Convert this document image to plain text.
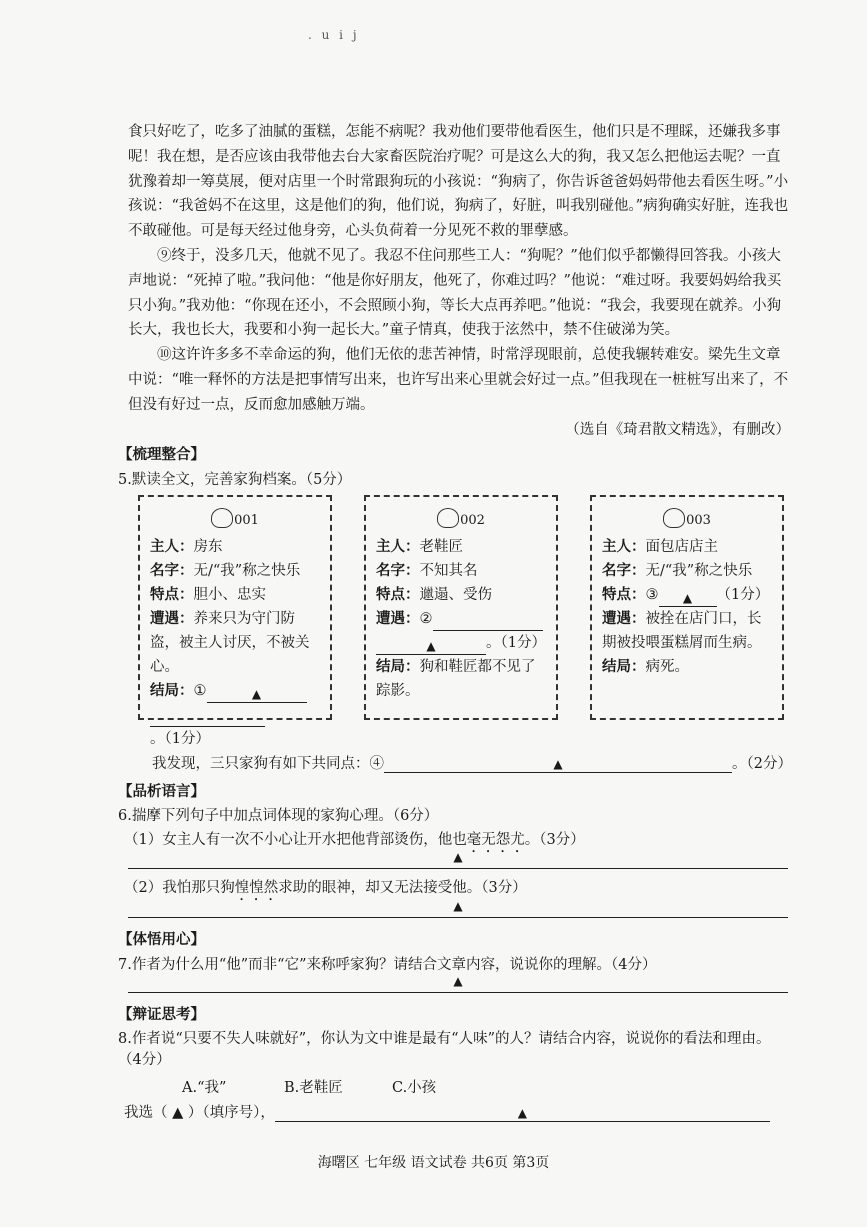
. u i j

食只好吃了，吃多了油腻的蛋糕，怎能不病呢？我劝他们要带他看医生，他们只是不理睬，还嫌我多事呢！我在想，是否应该由我带他去台大家畜医院治疗呢？可是这么大的狗，我又怎么把他运去呢？一直犹豫着却一筹莫展，便对店里一个时常跟狗玩的小孩说：“狗病了，你告诉爸爸妈妈带他去看医生呀。”小孩说：“我爸妈不在这里，这是他们的狗，他们说，狗病了，好脏，叫我别碰他。”病狗确实好脏，连我也不敢碰他。可是每天经过他身旁，心头负荷着一分见死不救的罪孽感。

⑨终于，没多几天，他就不见了。我忍不住问那些工人：“狗呢？”他们似乎都懒得回答我。小孩大声地说：“死掉了啦。”我问他：“他是你好朋友，他死了，你难过吗？”他说：“难过呀。我要妈妈给我买只小狗。”我劝他：“你现在还小，不会照顾小狗，等长大点再养吧。”他说：“我会，我要现在就养。小狗长大，我也长大，我要和小狗一起长大。”童子情真，使我于泫然中，禁不住破涕为笑。

⑩这许许多多不幸命运的狗，他们无依的悲苦神情，时常浮现眼前，总使我辗转难安。梁先生文章中说：“唯一释怀的方法是把事情写出来，也许写出来心里就会好过一点。”但我现在一桩桩写出来了，不但没有好过一点，反而愈加感触万端。

（选自《琦君散文精选》，有删改）

【梳理整合】
5.默读全文，完善家狗档案。（5分）
001
主人：房东
名字：无/“我”称之快乐
特点：胆小、忠实
遭遇：养来只为守门防盗，被主人讨厌，不被关心。
结局：①	▲
。（1分）
002
主人：老鞋匠
名字：不知其名
特点：邋遢、受伤
遭遇：②
▲	。（1分）
结局：狗和鞋匠都不见了踪影。
003
主人：面包店店主
名字：无/“我”称之快乐
特点：③ ▲ （1分）
遭遇：被拴在店门口，长期被投喂蛋糕屑而生病。
结局：病死。
我发现，三只家狗有如下共同点：④	▲	。（2分）
【品析语言】
6.揣摩下列句子中加点词体现的家狗心理。（6分）
（1）女主人有一次不小心让开水把他背部烫伤，他也毫无怨尤。（3分）
▲
（2）我怕那只狗惶惶然求助的眼神，却又无法接受他。（3分）
▲
【体悟用心】
7.作者为什么用“他”而非“它”来称呼家狗？请结合文章内容，说说你的理解。（4分）
▲
【辩证思考】
8.作者说“只要不失人味就好”，你认为文中谁是最有“人味”的人？请结合内容，说说你的看法和理由。
（4分）
A.“我”	B.老鞋匠	C.小孩
我选（ ▲ ）（填序号），	▲
海曙区 七年级 语文试卷 共6页 第3页
